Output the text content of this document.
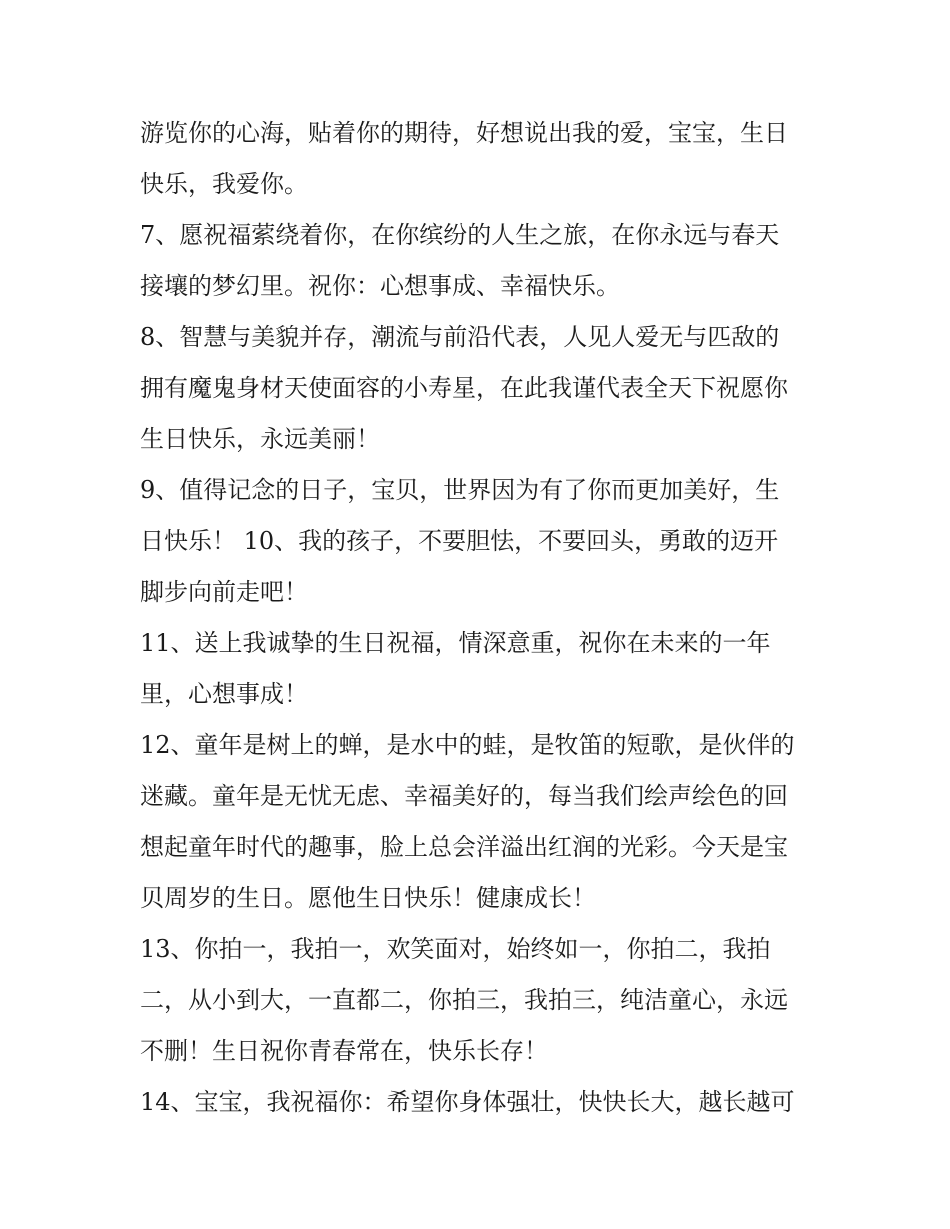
游览你的心海，贴着你的期待，好想说出我的爱，宝宝，生日
快乐，我爱你。
7、愿祝福萦绕着你，在你缤纷的人生之旅，在你永远与春天
接壤的梦幻里。祝你：心想事成、幸福快乐。
8、智慧与美貌并存，潮流与前沿代表，人见人爱无与匹敌的
拥有魔鬼身材天使面容的小寿星，在此我谨代表全天下祝愿你
生日快乐，永远美丽！
9、值得记念的日子，宝贝，世界因为有了你而更加美好，生
日快乐！ 10、我的孩子，不要胆怯，不要回头，勇敢的迈开
脚步向前走吧！
11、送上我诚挚的生日祝福，情深意重，祝你在未来的一年
里，心想事成！
12、童年是树上的蝉，是水中的蛙，是牧笛的短歌，是伙伴的
迷藏。童年是无忧无虑、幸福美好的，每当我们绘声绘色的回
想起童年时代的趣事，脸上总会洋溢出红润的光彩。今天是宝
贝周岁的生日。愿他生日快乐！健康成长！
13、你拍一，我拍一，欢笑面对，始终如一，你拍二，我拍
二，从小到大，一直都二，你拍三，我拍三，纯洁童心，永远
不删！生日祝你青春常在，快乐长存！
14、宝宝，我祝福你：希望你身体强壮，快快长大，越长越可
